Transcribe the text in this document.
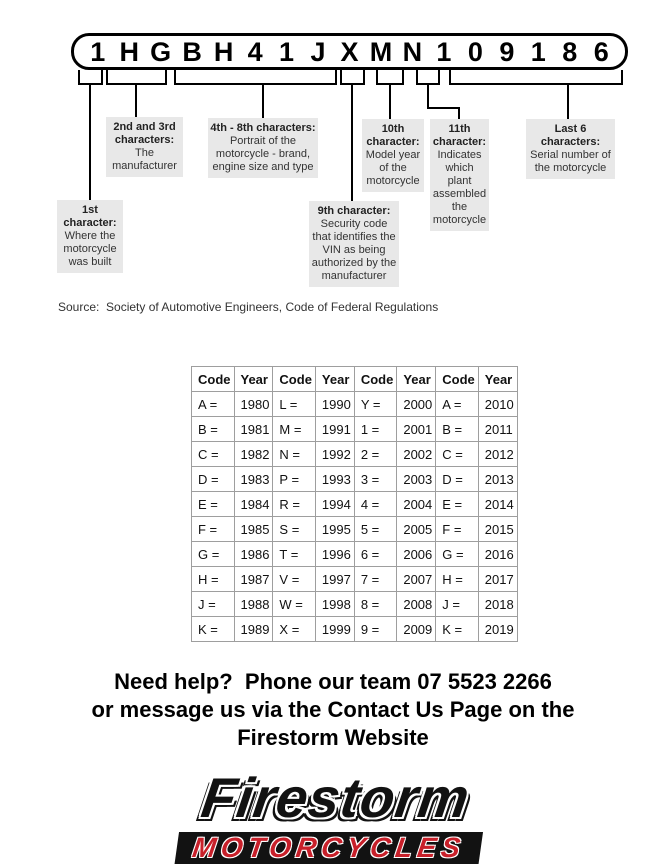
1 H G B H 4 1 J X M N 1 0 9 1 8 6
1st character:
Where the motorcycle was built
2nd and 3rd characters:
The manufacturer
4th - 8th characters:
Portrait of the motorcycle - brand, engine size and type
9th character:
Security code that identifies the VIN as being authorized by the manufacturer
10th character:
Model year of the motorcycle
11th character:
Indicates which plant assembled the motorcycle
Last 6 characters:
Serial number of the motorcycle
Source:  Society of Automotive Engineers, Code of Federal Regulations
Code	Year	Code	Year	Code	Year	Code	Year
A =	1980	L =	1990	Y =	2000	A =	2010
B =	1981	M =	1991	1 =	2001	B =	2011
C =	1982	N =	1992	2 =	2002	C =	2012
D =	1983	P =	1993	3 =	2003	D =	2013
E =	1984	R =	1994	4 =	2004	E =	2014
F =	1985	S =	1995	5 =	2005	F =	2015
G =	1986	T =	1996	6 =	2006	G =	2016
H =	1987	V =	1997	7 =	2007	H =	2017
J =	1988	W =	1998	8 =	2008	J =	2018
K =	1989	X =	1999	9 =	2009	K =	2019
Need help?  Phone our team 07 5523 2266
or message us via the Contact Us Page on the
Firestorm Website
Firestorm

MOTORCYCLES
